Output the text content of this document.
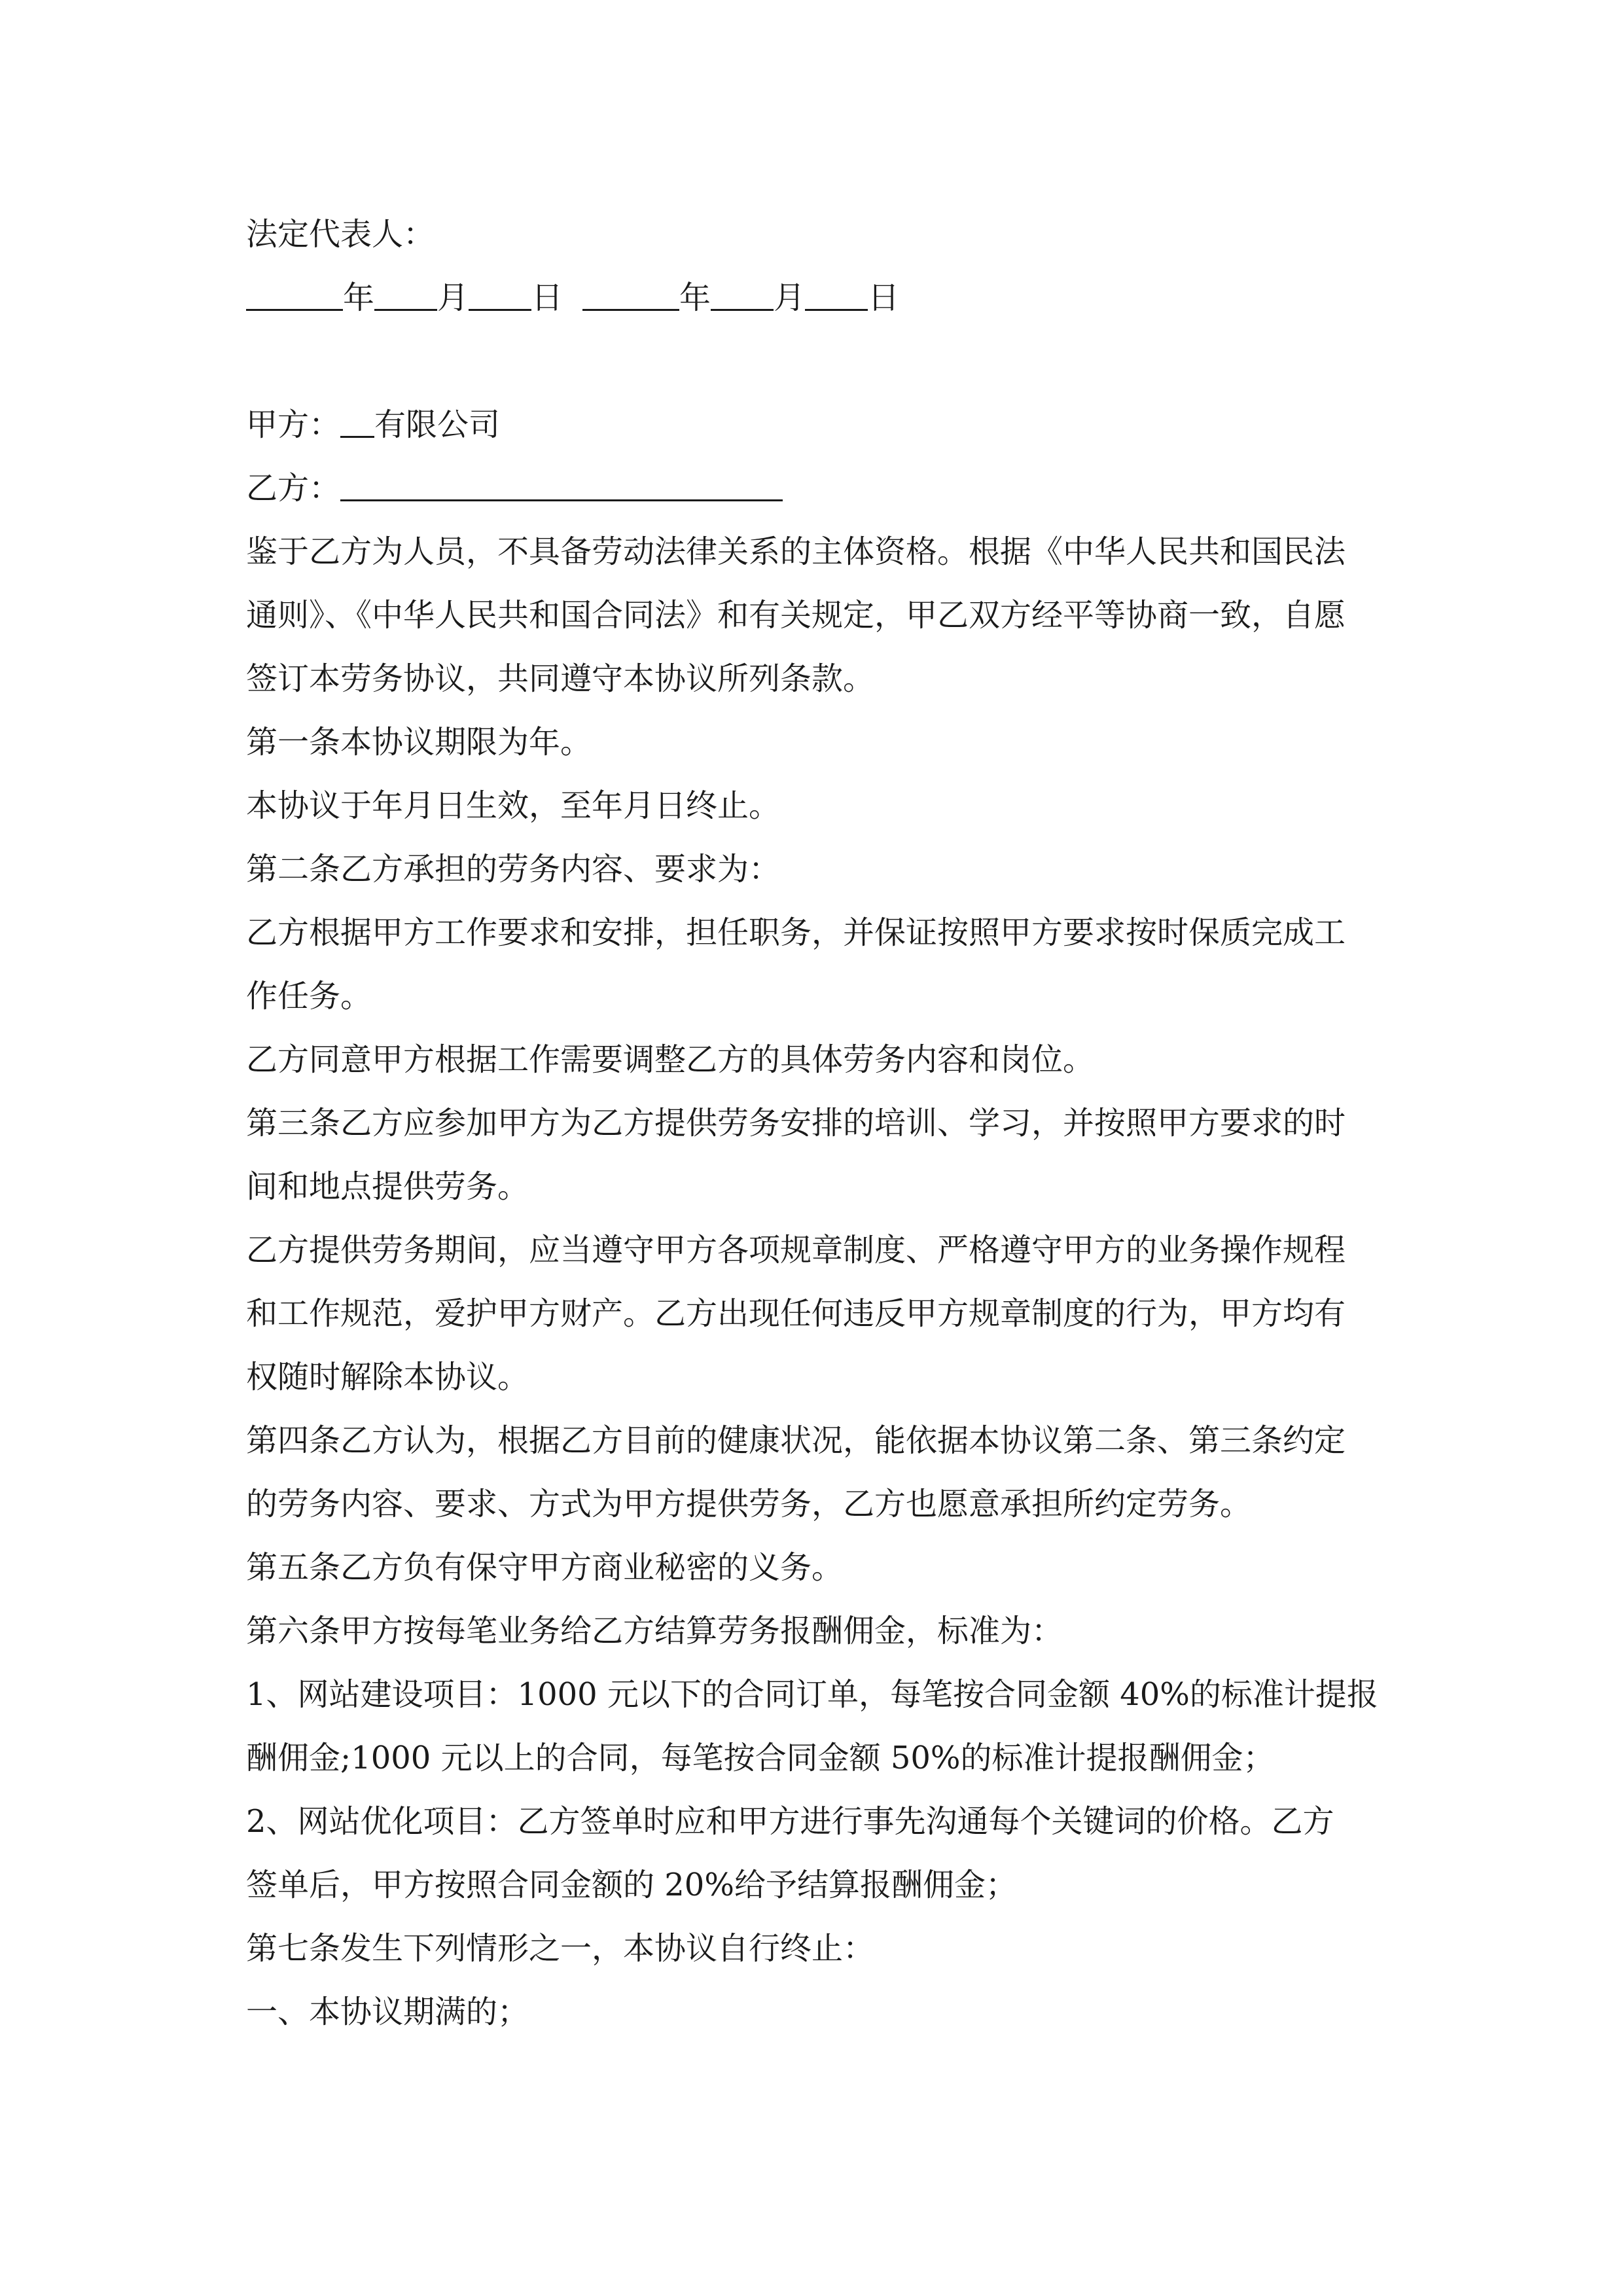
法定代表人：
年 月 日	年 月 日
甲方： 有限公司
乙方：
鉴于乙方为人员，不具备劳动法律关系的主体资格。根据《中华人民共和国民法
通则》、《中华人民共和国合同法》和有关规定，甲乙双方经平等协商一致，自愿
签订本劳务协议，共同遵守本协议所列条款。
第一条本协议期限为年。
本协议于年月日生效，至年月日终止。
第二条乙方承担的劳务内容、要求为：
乙方根据甲方工作要求和安排，担任职务，并保证按照甲方要求按时保质完成工
作任务。
乙方同意甲方根据工作需要调整乙方的具体劳务内容和岗位。
第三条乙方应参加甲方为乙方提供劳务安排的培训、学习，并按照甲方要求的时
间和地点提供劳务。
乙方提供劳务期间，应当遵守甲方各项规章制度、严格遵守甲方的业务操作规程
和工作规范，爱护甲方财产。乙方出现任何违反甲方规章制度的行为，甲方均有
权随时解除本协议。
第四条乙方认为，根据乙方目前的健康状况，能依据本协议第二条、第三条约定
的劳务内容、要求、方式为甲方提供劳务，乙方也愿意承担所约定劳务。
第五条乙方负有保守甲方商业秘密的义务。
第六条甲方按每笔业务给乙方结算劳务报酬佣金，标准为：
1、网站建设项目：1000 元以下的合同订单，每笔按合同金额 40%的标准计提报
酬佣金;1000 元以上的合同，每笔按合同金额 50%的标准计提报酬佣金；
2、网站优化项目：乙方签单时应和甲方进行事先沟通每个关键词的价格。乙方
签单后，甲方按照合同金额的 20%给予结算报酬佣金；
第七条发生下列情形之一，本协议自行终止：
一、本协议期满的；
